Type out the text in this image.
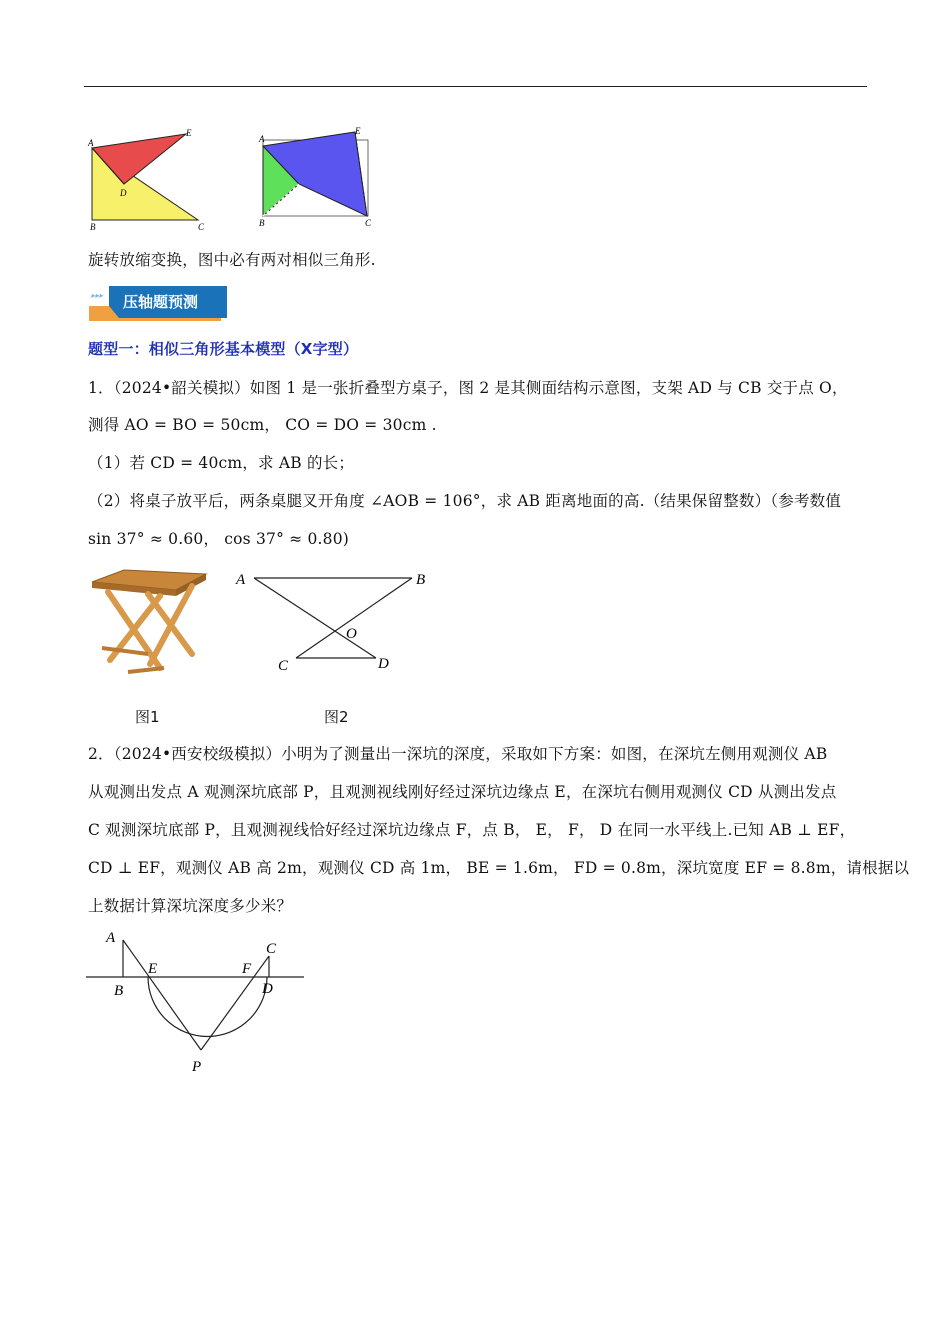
A
E
D
B	C
A
E
B	C
旋转放缩变换，图中必有两对相似三角形.
▸▸▸ 压轴题预测
题型一：相似三角形基本模型（X字型）
1．（2024•韶关模拟）如图 1 是一张折叠型方桌子，图 2 是其侧面结构示意图，支架 AD 与 CB 交于点 O，
测得 AO = BO = 50cm， CO = DO = 30cm .
（1）若 CD = 40cm，求 AB 的长；
（2）将桌子放平后，两条桌腿叉开角度 ∠AOB = 106°，求 AB 距离地面的高.（结果保留整数）（参考数值
sin 37° ≈ 0.60， cos 37° ≈ 0.80)
图1
A	B
O
C	D
图2
2．（2024•西安校级模拟）小明为了测量出一深坑的深度，采取如下方案：如图，在深坑左侧用观测仪 AB
从观测出发点 A 观测深坑底部 P，且观测视线刚好经过深坑边缘点 E，在深坑右侧用观测仪 CD 从测出发点
C 观测深坑底部 P，且观测视线恰好经过深坑边缘点 F，点 B， E， F， D 在同一水平线上.已知 AB ⊥ EF，
CD ⊥ EF，观测仪 AB 高 2m，观测仪 CD 高 1m， BE = 1.6m， FD = 0.8m，深坑宽度 EF = 8.8m，请根据以
上数据计算深坑深度多少米？
A
B
E	F
C
D
P
